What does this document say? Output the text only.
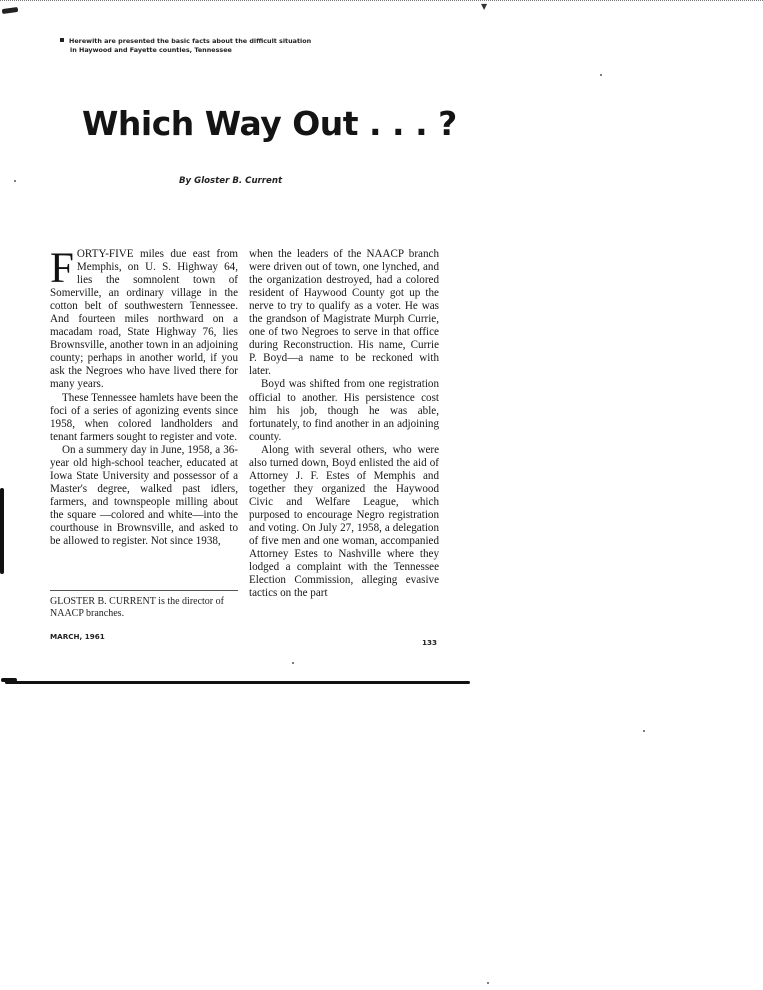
▼
Herewith are presented the basic facts about the difficult situation
in Haywood and Fayette counties, Tennessee
Which Way Out . . . ?
By Gloster B. Current

FORTY-FIVE miles due east from Memphis, on U. S. Highway 64, lies the somnolent town of Somerville, an ordinary village in the cotton belt of southwestern Tennessee. And fourteen miles northward on a macadam road, State Highway 76, lies Brownsville, another town in an adjoining county; perhaps in another world, if you ask the Negroes who have lived there for many years.

These Tennessee hamlets have been the foci of a series of agonizing events since 1958, when colored landholders and tenant farmers sought to register and vote.

On a summery day in June, 1958, a 36-year old high-school teacher, educated at Iowa State University and possessor of a Master's degree, walked past idlers, farmers, and townspeople milling about the square —colored and white—into the courthouse in Brownsville, and asked to be allowed to register. Not since 1938,

when the leaders of the NAACP branch were driven out of town, one lynched, and the organization destroyed, had a colored resident of Haywood County got up the nerve to try to qualify as a voter. He was the grandson of Magistrate Murph Currie, one of two Negroes to serve in that office during Reconstruction. His name, Currie P. Boyd—a name to be reckoned with later.

Boyd was shifted from one registration official to another. His persistence cost him his job, though he was able, fortunately, to find another in an adjoining county.

Along with several others, who were also turned down, Boyd enlisted the aid of Attorney J. F. Estes of Memphis and together they organized the Haywood Civic and Welfare League, which purposed to encourage Negro registration and voting. On July 27, 1958, a delegation of five men and one woman, accompanied Attorney Estes to Nashville where they lodged a complaint with the Tennessee Election Commission, alleging evasive tactics on the part

GLOSTER B. CURRENT is the director of NAACP branches.
MARCH, 1961
133
